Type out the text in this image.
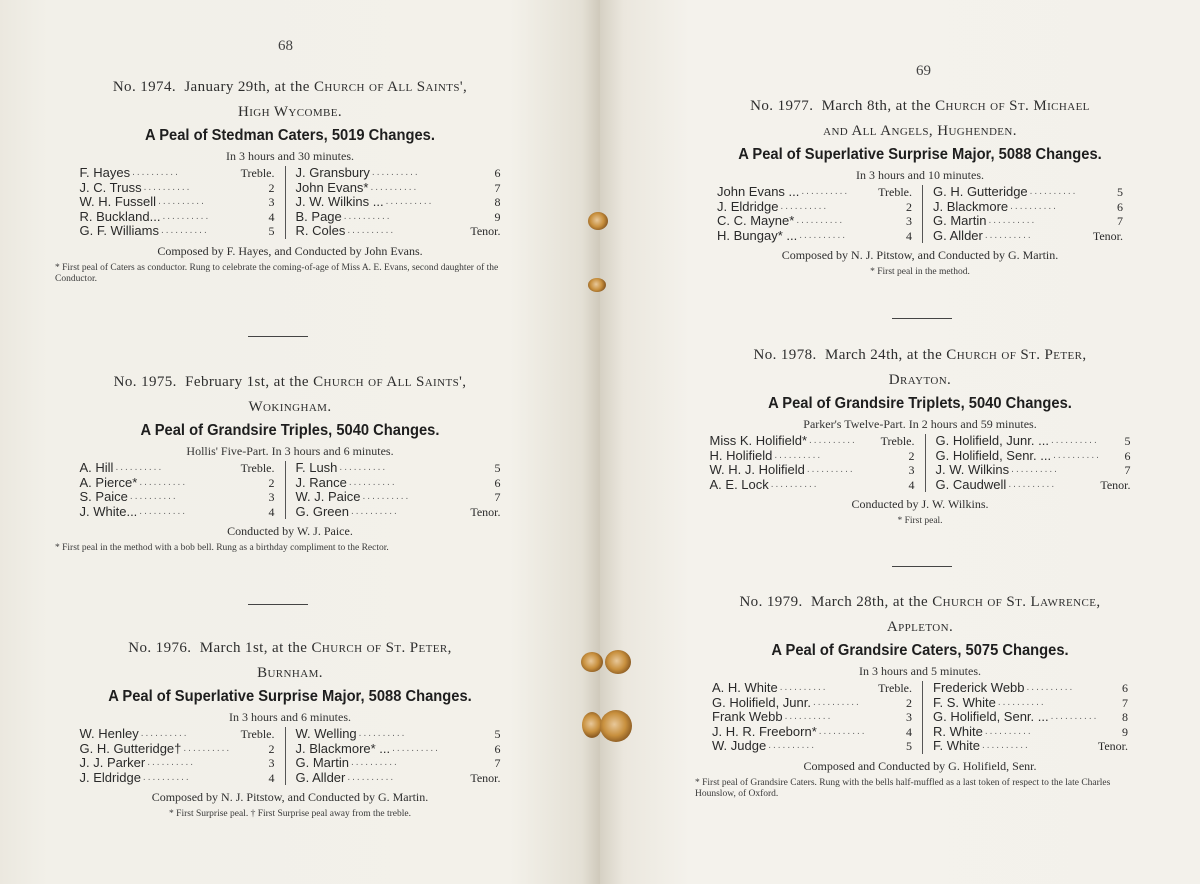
68
No. 1974. January 29th, at the Church of All Saints',
High Wycombe.
A Peal of Stedman Caters, 5019 Changes.
In 3 hours and 30 minutes.
F. Hayes ..........	Treble.
J. C. Truss ..........	2
W. H. Fussell ..........	3
R. Buckland... ..........	4
G. F. Williams ..........	5
J. Gransbury ..........	6
John Evans* ..........	7
J. W. Wilkins ... ..........	8
B. Page ..........	9
R. Coles ..........	Tenor.
Composed by F. Hayes, and Conducted by John Evans.
* First peal of Caters as conductor. Rung to celebrate the coming-of-age of Miss A. E. Evans, second daughter of the Conductor.
No. 1975. February 1st, at the Church of All Saints',
Wokingham.
A Peal of Grandsire Triples, 5040 Changes.
Hollis' Five-Part. In 3 hours and 6 minutes.
A. Hill ..........	Treble.
A. Pierce* ..........	2
S. Paice ..........	3
J. White... ..........	4
F. Lush ..........	5
J. Rance ..........	6
W. J. Paice ..........	7
G. Green ..........	Tenor.
Conducted by W. J. Paice.
* First peal in the method with a bob bell. Rung as a birthday compliment to the Rector.
No. 1976. March 1st, at the Church of St. Peter,
Burnham.
A Peal of Superlative Surprise Major, 5088 Changes.
In 3 hours and 6 minutes.
W. Henley ..........	Treble.
G. H. Gutteridge† ..........	2
J. J. Parker ..........	3
J. Eldridge ..........	4
W. Welling ..........	5
J. Blackmore* ... ..........	6
G. Martin ..........	7
G. Allder ..........	Tenor.
Composed by N. J. Pitstow, and Conducted by G. Martin.
* First Surprise peal. † First Surprise peal away from the treble.
69
No. 1977. March 8th, at the Church of St. Michael
and All Angels, Hughenden.
A Peal of Superlative Surprise Major, 5088 Changes.
In 3 hours and 10 minutes.
John Evans ... ..........	Treble.
J. Eldridge ..........	2
C. C. Mayne* ..........	3
H. Bungay* ... ..........	4
G. H. Gutteridge ..........	5
J. Blackmore ..........	6
G. Martin ..........	7
G. Allder ..........	Tenor.
Composed by N. J. Pitstow, and Conducted by G. Martin.
* First peal in the method.
No. 1978. March 24th, at the Church of St. Peter,
Drayton.
A Peal of Grandsire Triplets, 5040 Changes.
Parker's Twelve-Part. In 2 hours and 59 minutes.
Miss K. Holifield* ..........	Treble.
H. Holifield ..........	2
W. H. J. Holifield ..........	3
A. E. Lock ..........	4
G. Holifield, Junr. ... ..........	5
G. Holifield, Senr. ... ..........	6
J. W. Wilkins ..........	7
G. Caudwell ..........	Tenor.
Conducted by J. W. Wilkins.
* First peal.
No. 1979. March 28th, at the Church of St. Lawrence,
Appleton.
A Peal of Grandsire Caters, 5075 Changes.
In 3 hours and 5 minutes.
A. H. White ..........	Treble.
G. Holifield, Junr. ..........	2
Frank Webb ..........	3
J. H. R. Freeborn* ..........	4
W. Judge ..........	5
Frederick Webb ..........	6
F. S. White ..........	7
G. Holifield, Senr. ... ..........	8
R. White ..........	9
F. White ..........	Tenor.
Composed and Conducted by G. Holifield, Senr.
* First peal of Grandsire Caters. Rung with the bells half-muffled as a last token of respect to the late Charles Hounslow, of Oxford.
